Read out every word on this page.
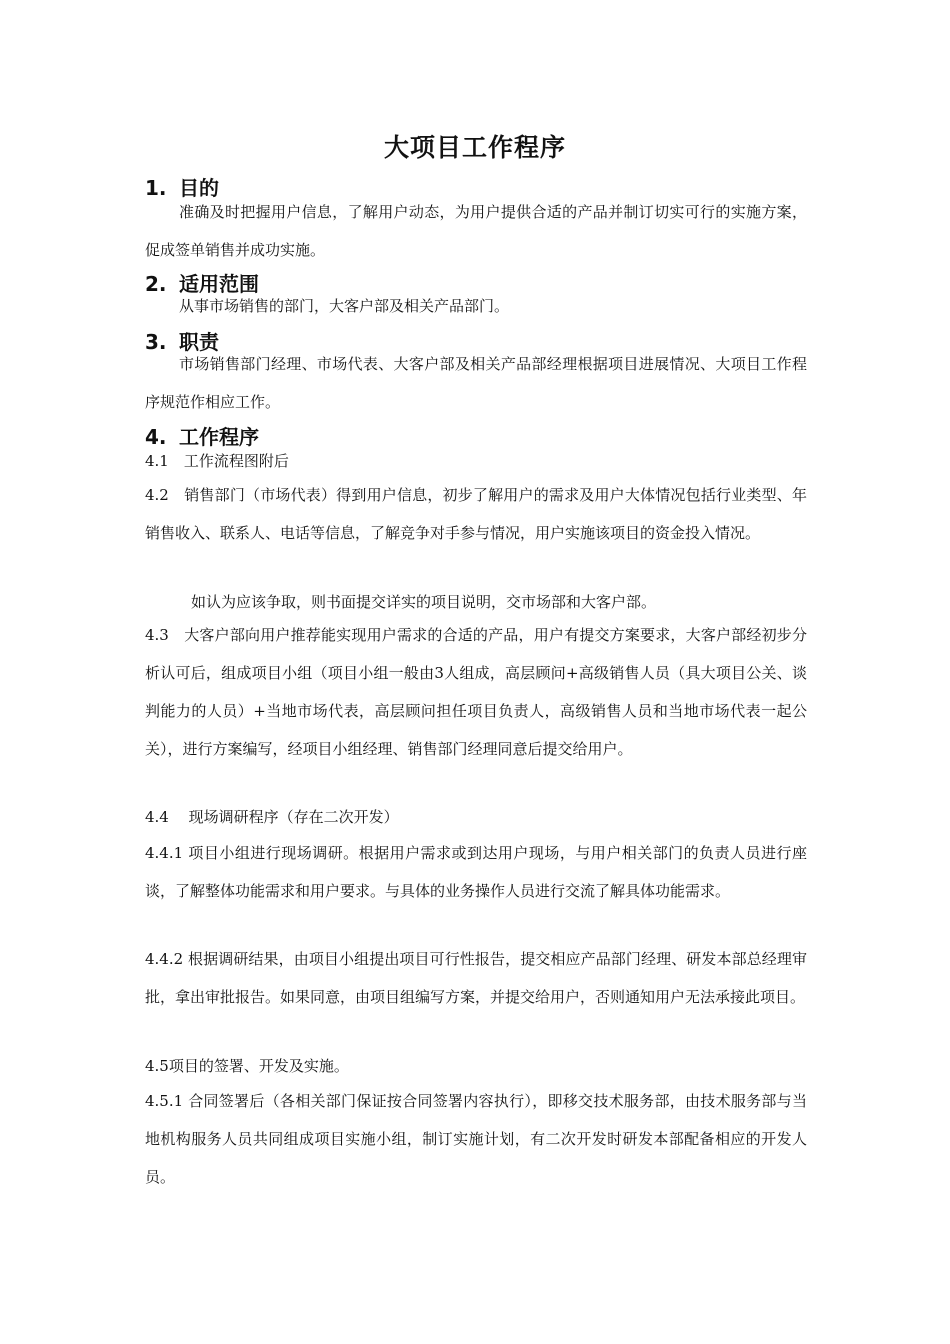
大项目工作程序
1. 目的
准确及时把握用户信息，了解用户动态，为用户提供合适的产品并制订切实可行的实施方案，促成签单销售并成功实施。
2. 适用范围
从事市场销售的部门，大客户部及相关产品部门。
3. 职责
市场销售部门经理、市场代表、大客户部及相关产品部经理根据项目进展情况、大项目工作程序规范作相应工作。
4. 工作程序
4.1　工作流程图附后
4.2　销售部门（市场代表）得到用户信息，初步了解用户的需求及用户大体情况包括行业类型、年销售收入、联系人、电话等信息，了解竞争对手参与情况，用户实施该项目的资金投入情况。
如认为应该争取，则书面提交详实的项目说明，交市场部和大客户部。
4.3　大客户部向用户推荐能实现用户需求的合适的产品，用户有提交方案要求，大客户部经初步分析认可后，组成项目小组（项目小组一般由3人组成，高层顾问+高级销售人员（具大项目公关、谈判能力的人员）+当地市场代表，高层顾问担任项目负责人，高级销售人员和当地市场代表一起公关），进行方案编写，经项目小组经理、销售部门经理同意后提交给用户。
4.4　 现场调研程序（存在二次开发）
4.4.1 项目小组进行现场调研。根据用户需求或到达用户现场，与用户相关部门的负责人员进行座谈，了解整体功能需求和用户要求。与具体的业务操作人员进行交流了解具体功能需求。
4.4.2 根据调研结果，由项目小组提出项目可行性报告，提交相应产品部门经理、研发本部总经理审批，拿出审批报告。如果同意，由项目组编写方案，并提交给用户，否则通知用户无法承接此项目。
4.5项目的签署、开发及实施。
4.5.1 合同签署后（各相关部门保证按合同签署内容执行），即移交技术服务部，由技术服务部与当地机构服务人员共同组成项目实施小组，制订实施计划，有二次开发时研发本部配备相应的开发人员。
